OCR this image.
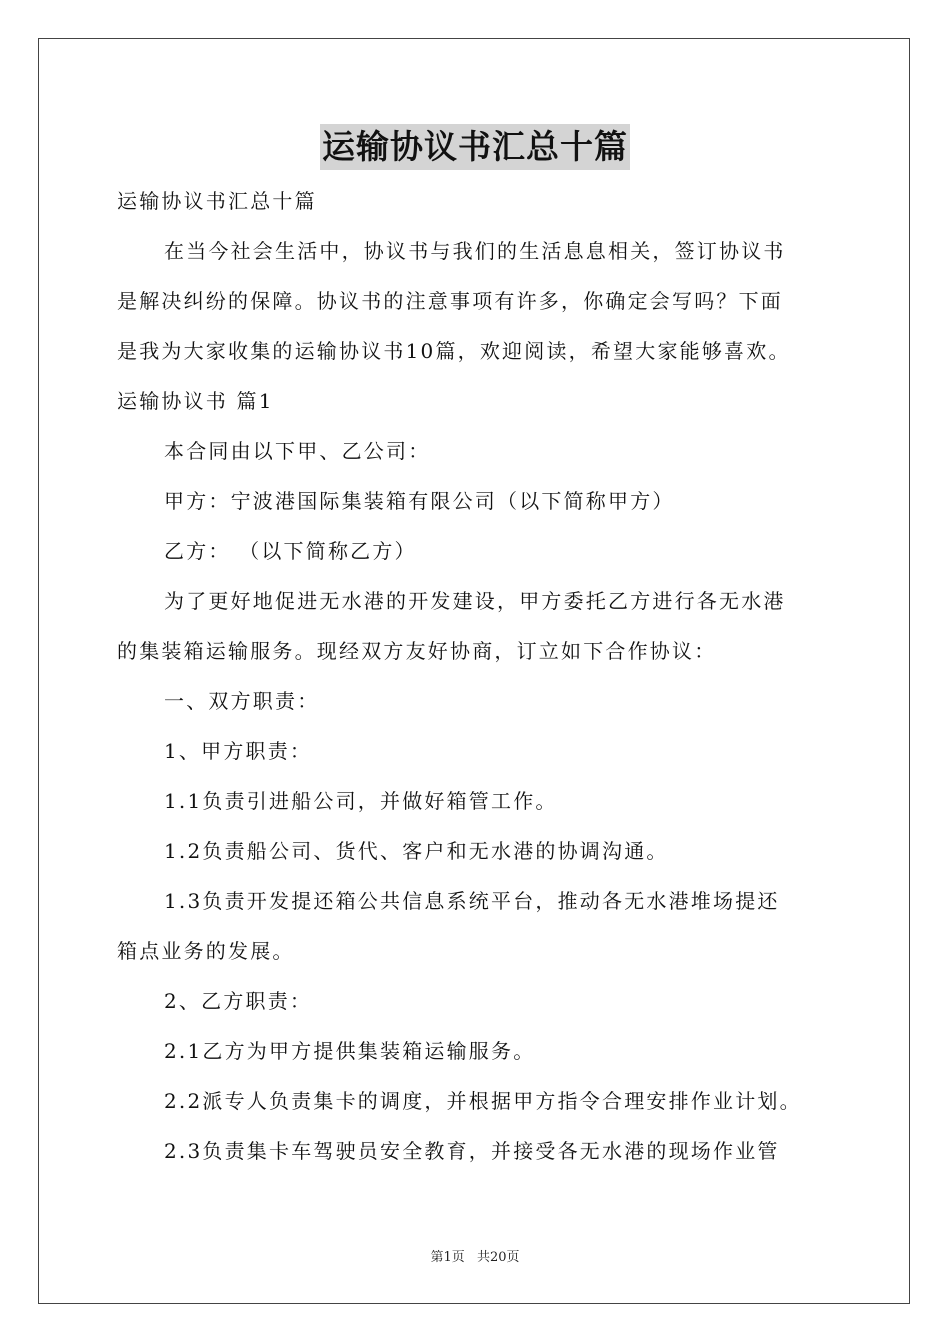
运输协议书汇总十篇
运输协议书汇总十篇
在当今社会生活中，协议书与我们的生活息息相关，签订协议书
是解决纠纷的保障。协议书的注意事项有许多，你确定会写吗？下面
是我为大家收集的运输协议书10篇，欢迎阅读，希望大家能够喜欢。
运输协议书 篇1
本合同由以下甲、乙公司：
甲方：宁波港国际集装箱有限公司（以下简称甲方）
乙方： （以下简称乙方）
为了更好地促进无水港的开发建设，甲方委托乙方进行各无水港
的集装箱运输服务。现经双方友好协商，订立如下合作协议：
一、双方职责：
1、甲方职责：
1.1负责引进船公司，并做好箱管工作。
1.2负责船公司、货代、客户和无水港的协调沟通。
1.3负责开发提还箱公共信息系统平台，推动各无水港堆场提还
箱点业务的发展。
2、乙方职责：
2.1乙方为甲方提供集装箱运输服务。
2.2派专人负责集卡的调度，并根据甲方指令合理安排作业计划。
2.3负责集卡车驾驶员安全教育，并接受各无水港的现场作业管
第1页 共20页
